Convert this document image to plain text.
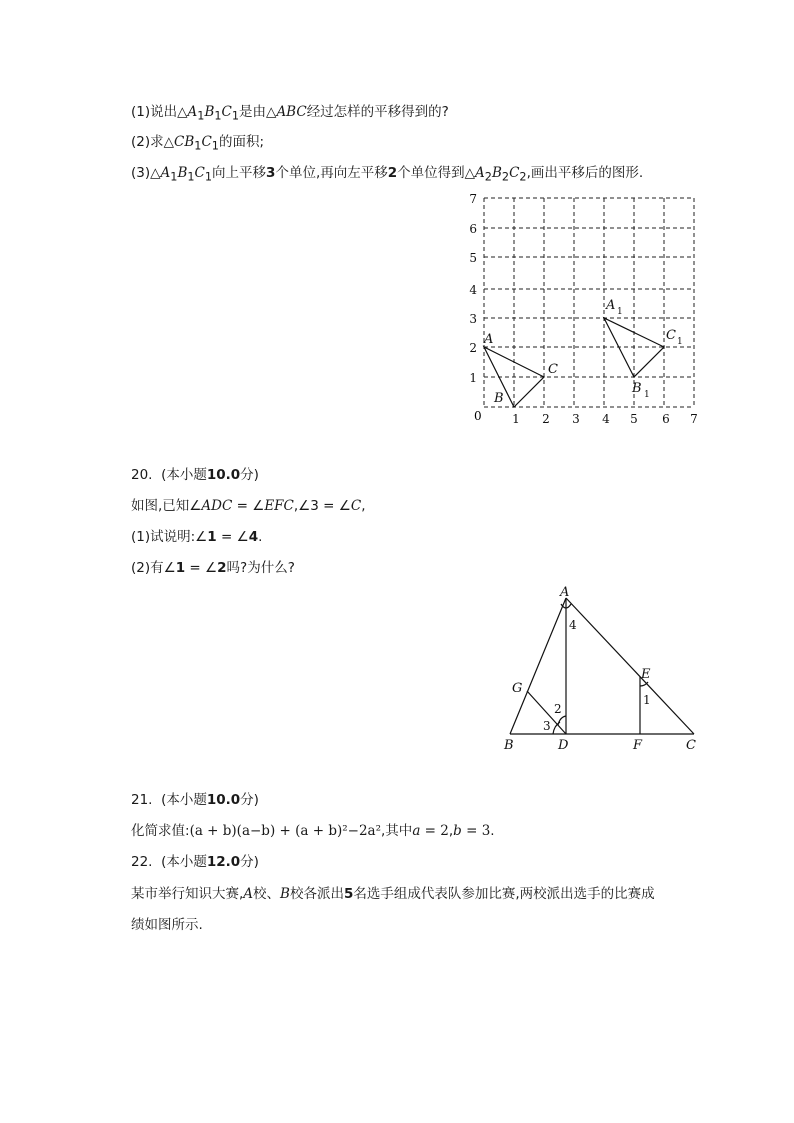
(1)说出$\triangle A_1B_1C_1$是由△ABC经过怎样的平移得到的?
(2)求$\triangle CB_1C_1$的面积;
$(3)\triangle A_1B_1C_1$向上平移3个单位,再向左平移2个单位得到$\triangle A_2B_2C_2$,画出平移后的图形.
7
6
5
4
3
2
1
0	1 2 3 4 5 6 7
A
B
C
A 1
B 1
C 1
20. (本小题10.0分)
如图,已知∠ADC = ∠EFC,∠3 = ∠C,
(1)试说明:∠1 = ∠4.
(2)有∠1 = ∠2吗?为什么?
A
B	C
D
E
F
G
1
2
3
4
21. (本小题10.0分)
化简求值:(a + b)(a−b) + (a + b)²−2a²,其中a = 2,b = 3.
22. (本小题12.0分)
某市举行知识大赛,A校、B校各派出5名选手组成代表队参加比赛,两校派出选手的比赛成
绩如图所示.
